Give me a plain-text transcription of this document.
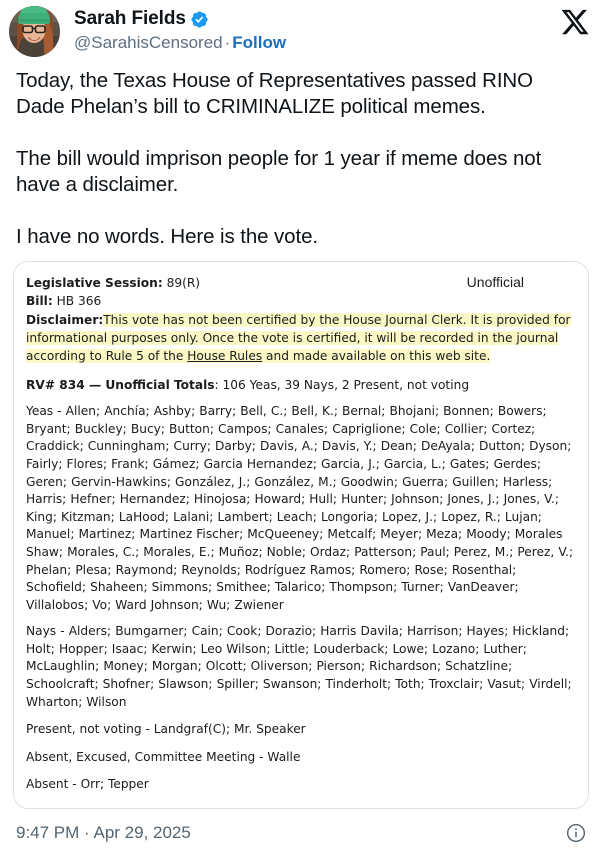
Sarah Fields
@SarahisCensored · Follow

Today, the Texas House of Representatives passed RINO Dade Phelan’s bill to CRIMINALIZE political memes.

The bill would imprison people for 1 year if meme does not have a disclaimer.

I have no words. Here is the vote.

Legislative Session: 89(R)
Bill: HB 366
Unofficial
Disclaimer:This vote has not been certified by the House Journal Clerk. It is provided for informational purposes only. Once the vote is certified, it will be recorded in the journal according to Rule 5 of the House Rules and made available on this web site.
RV# 834 — Unofficial Totals: 106 Yeas, 39 Nays, 2 Present, not voting
Yeas - Allen; Anchía; Ashby; Barry; Bell, C.; Bell, K.; Bernal; Bhojani; Bonnen; Bowers; Bryant; Buckley; Bucy; Button; Campos; Canales; Capriglione; Cole; Collier; Cortez; Craddick; Cunningham; Curry; Darby; Davis, A.; Davis, Y.; Dean; DeAyala; Dutton; Dyson; Fairly; Flores; Frank; Gámez; Garcia Hernandez; Garcia, J.; Garcia, L.; Gates; Gerdes; Geren; Gervin-Hawkins; González, J.; González, M.; Goodwin; Guerra; Guillen; Harless; Harris; Hefner; Hernandez; Hinojosa; Howard; Hull; Hunter; Johnson; Jones, J.; Jones, V.; King; Kitzman; LaHood; Lalani; Lambert; Leach; Longoria; Lopez, J.; Lopez, R.; Lujan; Manuel; Martinez; Martinez Fischer; McQueeney; Metcalf; Meyer; Meza; Moody; Morales Shaw; Morales, C.; Morales, E.; Muñoz; Noble; Ordaz; Patterson; Paul; Perez, M.; Perez, V.; Phelan; Plesa; Raymond; Reynolds; Rodríguez Ramos; Romero; Rose; Rosenthal; Schofield; Shaheen; Simmons; Smithee; Talarico; Thompson; Turner; VanDeaver; Villalobos; Vo; Ward Johnson; Wu; Zwiener
Nays - Alders; Bumgarner; Cain; Cook; Dorazio; Harris Davila; Harrison; Hayes; Hickland; Holt; Hopper; Isaac; Kerwin; Leo Wilson; Little; Louderback; Lowe; Lozano; Luther; McLaughlin; Money; Morgan; Olcott; Oliverson; Pierson; Richardson; Schatzline; Schoolcraft; Shofner; Slawson; Spiller; Swanson; Tinderholt; Toth; Troxclair; Vasut; Virdell; Wharton; Wilson
Present, not voting - Landgraf(C); Mr. Speaker
Absent, Excused, Committee Meeting - Walle
Absent - Orr; Tepper
9:47 PM · Apr 29, 2025
